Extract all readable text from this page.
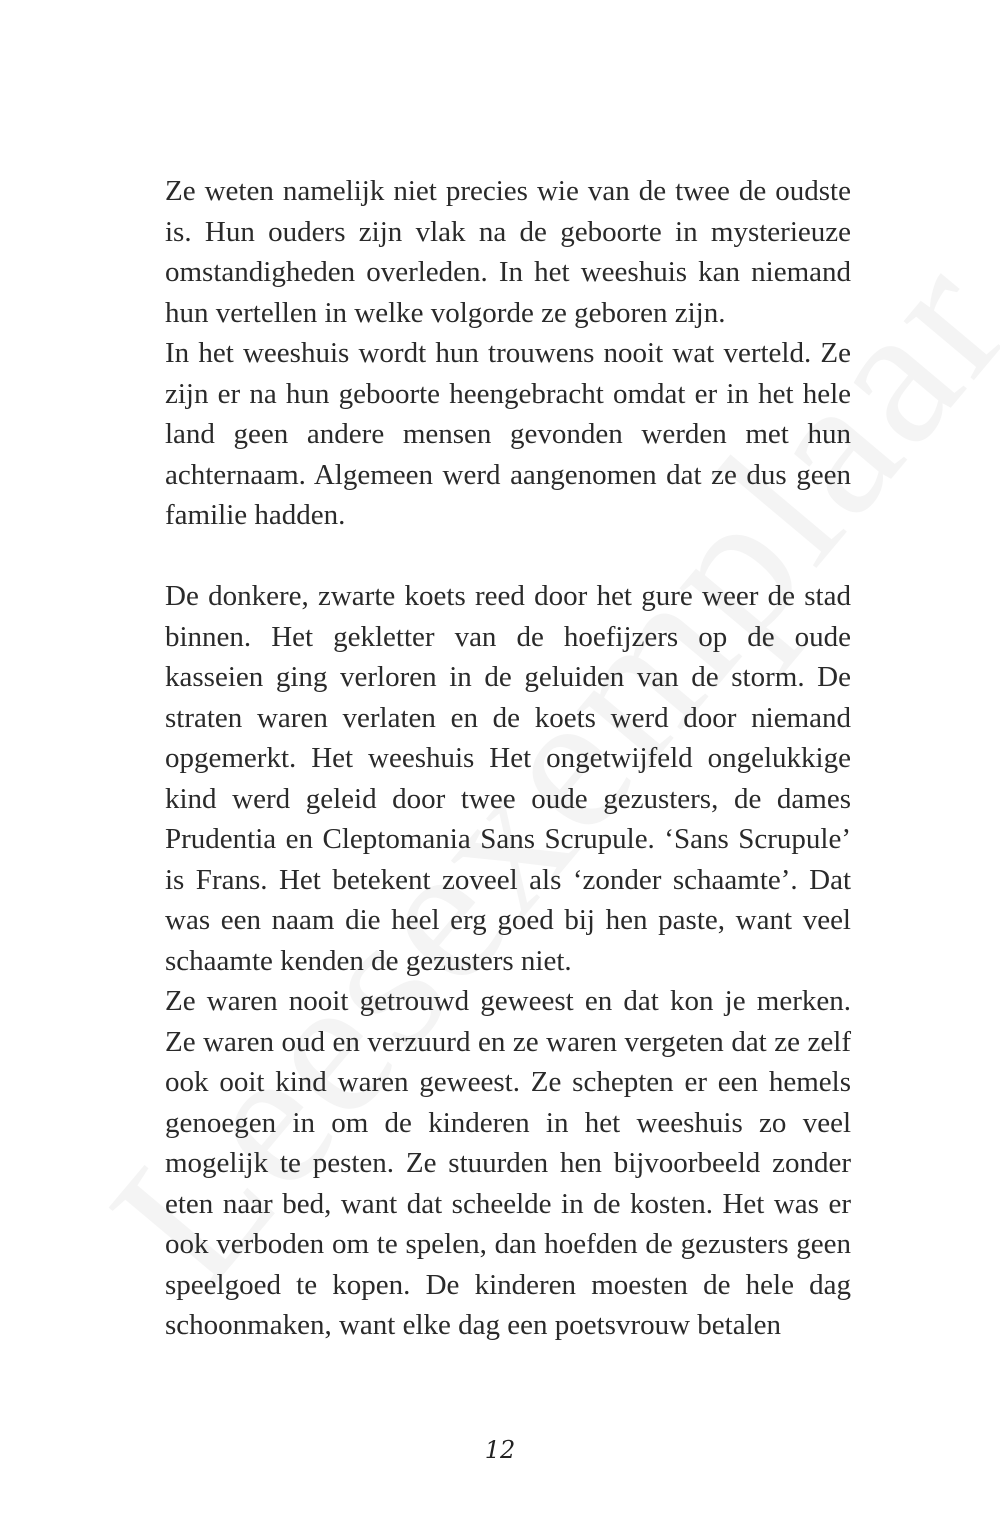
Ze weten namelijk niet precies wie van de twee de oudste is. Hun ouders zijn vlak na de geboorte in mysterieuze omstandigheden overleden. In het weeshuis kan niemand hun vertellen in welke volgorde ze geboren zijn.

In het weeshuis wordt hun trouwens nooit wat verteld. Ze zijn er na hun geboorte heengebracht omdat er in het hele land geen andere mensen gevonden werden met hun achternaam. Algemeen werd aangenomen dat ze dus geen familie hadden.

De donkere, zwarte koets reed door het gure weer de stad binnen. Het gekletter van de hoefijzers op de oude kasseien ging verloren in de geluiden van de storm. De straten waren verlaten en de koets werd door niemand opgemerkt. Het weeshuis Het ongetwijfeld ongelukkige kind werd geleid door twee oude gezusters, de dames Prudentia en Cleptomania Sans Scrupule. ‘Sans Scrupule’ is Frans. Het betekent zoveel als ‘zonder schaamte’. Dat was een naam die heel erg goed bij hen paste, want veel schaamte kenden de gezusters niet.

Ze waren nooit getrouwd geweest en dat kon je merken. Ze waren oud en verzuurd en ze waren vergeten dat ze zelf ook ooit kind waren geweest. Ze schepten er een hemels genoegen in om de kinderen in het weeshuis zo veel mogelijk te pesten. Ze stuurden hen bijvoorbeeld zonder eten naar bed, want dat scheelde in de kosten. Het was er ook verboden om te spelen, dan hoefden de gezusters geen speelgoed te kopen. De kinderen moesten de hele dag schoonmaken, want elke dag een poetsvrouw betalen

12
